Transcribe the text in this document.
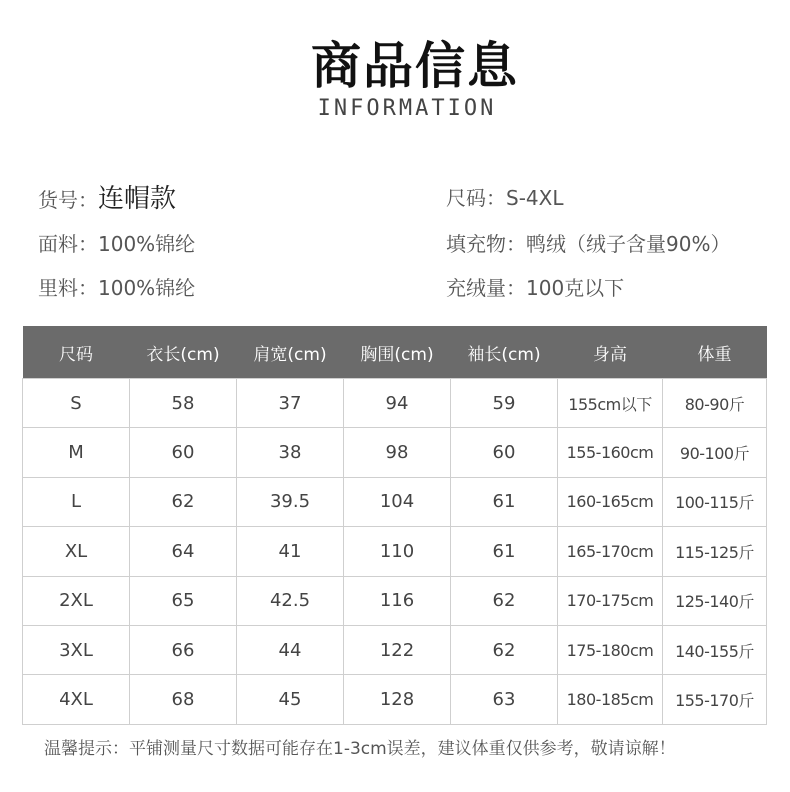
商品信息
INFORMATION
货号：连帽款	尺码：S-4XL
面料：100%锦纶	填充物：鸭绒（绒子含量90%）
里料：100%锦纶	充绒量：100克以下
尺码	衣长(cm)	肩宽(cm)	胸围(cm)	袖长(cm)	身高	体重
S	58	37	94	59	155cm以下	80-90斤
M	60	38	98	60	155-160cm	90-100斤
L	62	39.5	104	61	160-165cm	100-115斤
XL	64	41	110	61	165-170cm	115-125斤
2XL	65	42.5	116	62	170-175cm	125-140斤
3XL	66	44	122	62	175-180cm	140-155斤
4XL	68	45	128	63	180-185cm	155-170斤
温馨提示：平铺测量尺寸数据可能存在1-3cm误差，建议体重仅供参考，敬请谅解！
